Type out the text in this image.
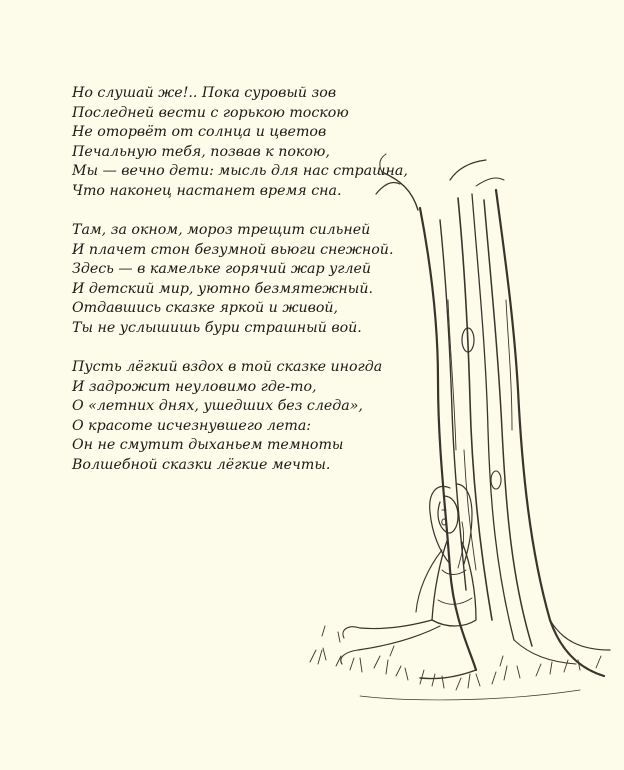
Но слушай же!.. Пока суровый зов
Последней вести с горькою тоскою
Не оторвёт от солнца и цветов
Печальную тебя, позвав к покою,
Мы — вечно дети: мысль для нас страшна,
Что наконец настанет время сна.
Там, за окном, мороз трещит сильней
И плачет стон безумной вьюги снежной.
Здесь — в камельке горячий жар углей
И детский мир, уютно безмятежный.
Отдавшись сказке яркой и живой,
Ты не услышишь бури страшный вой.
Пусть лёгкий вздох в той сказке иногда
И задрожит неуловимо где-то,
О «летних днях, ушедших без следа»,
О красоте исчезнувшего лета:
Он не смутит дыханьем темноты
Волшебной сказки лёгкие мечты.
